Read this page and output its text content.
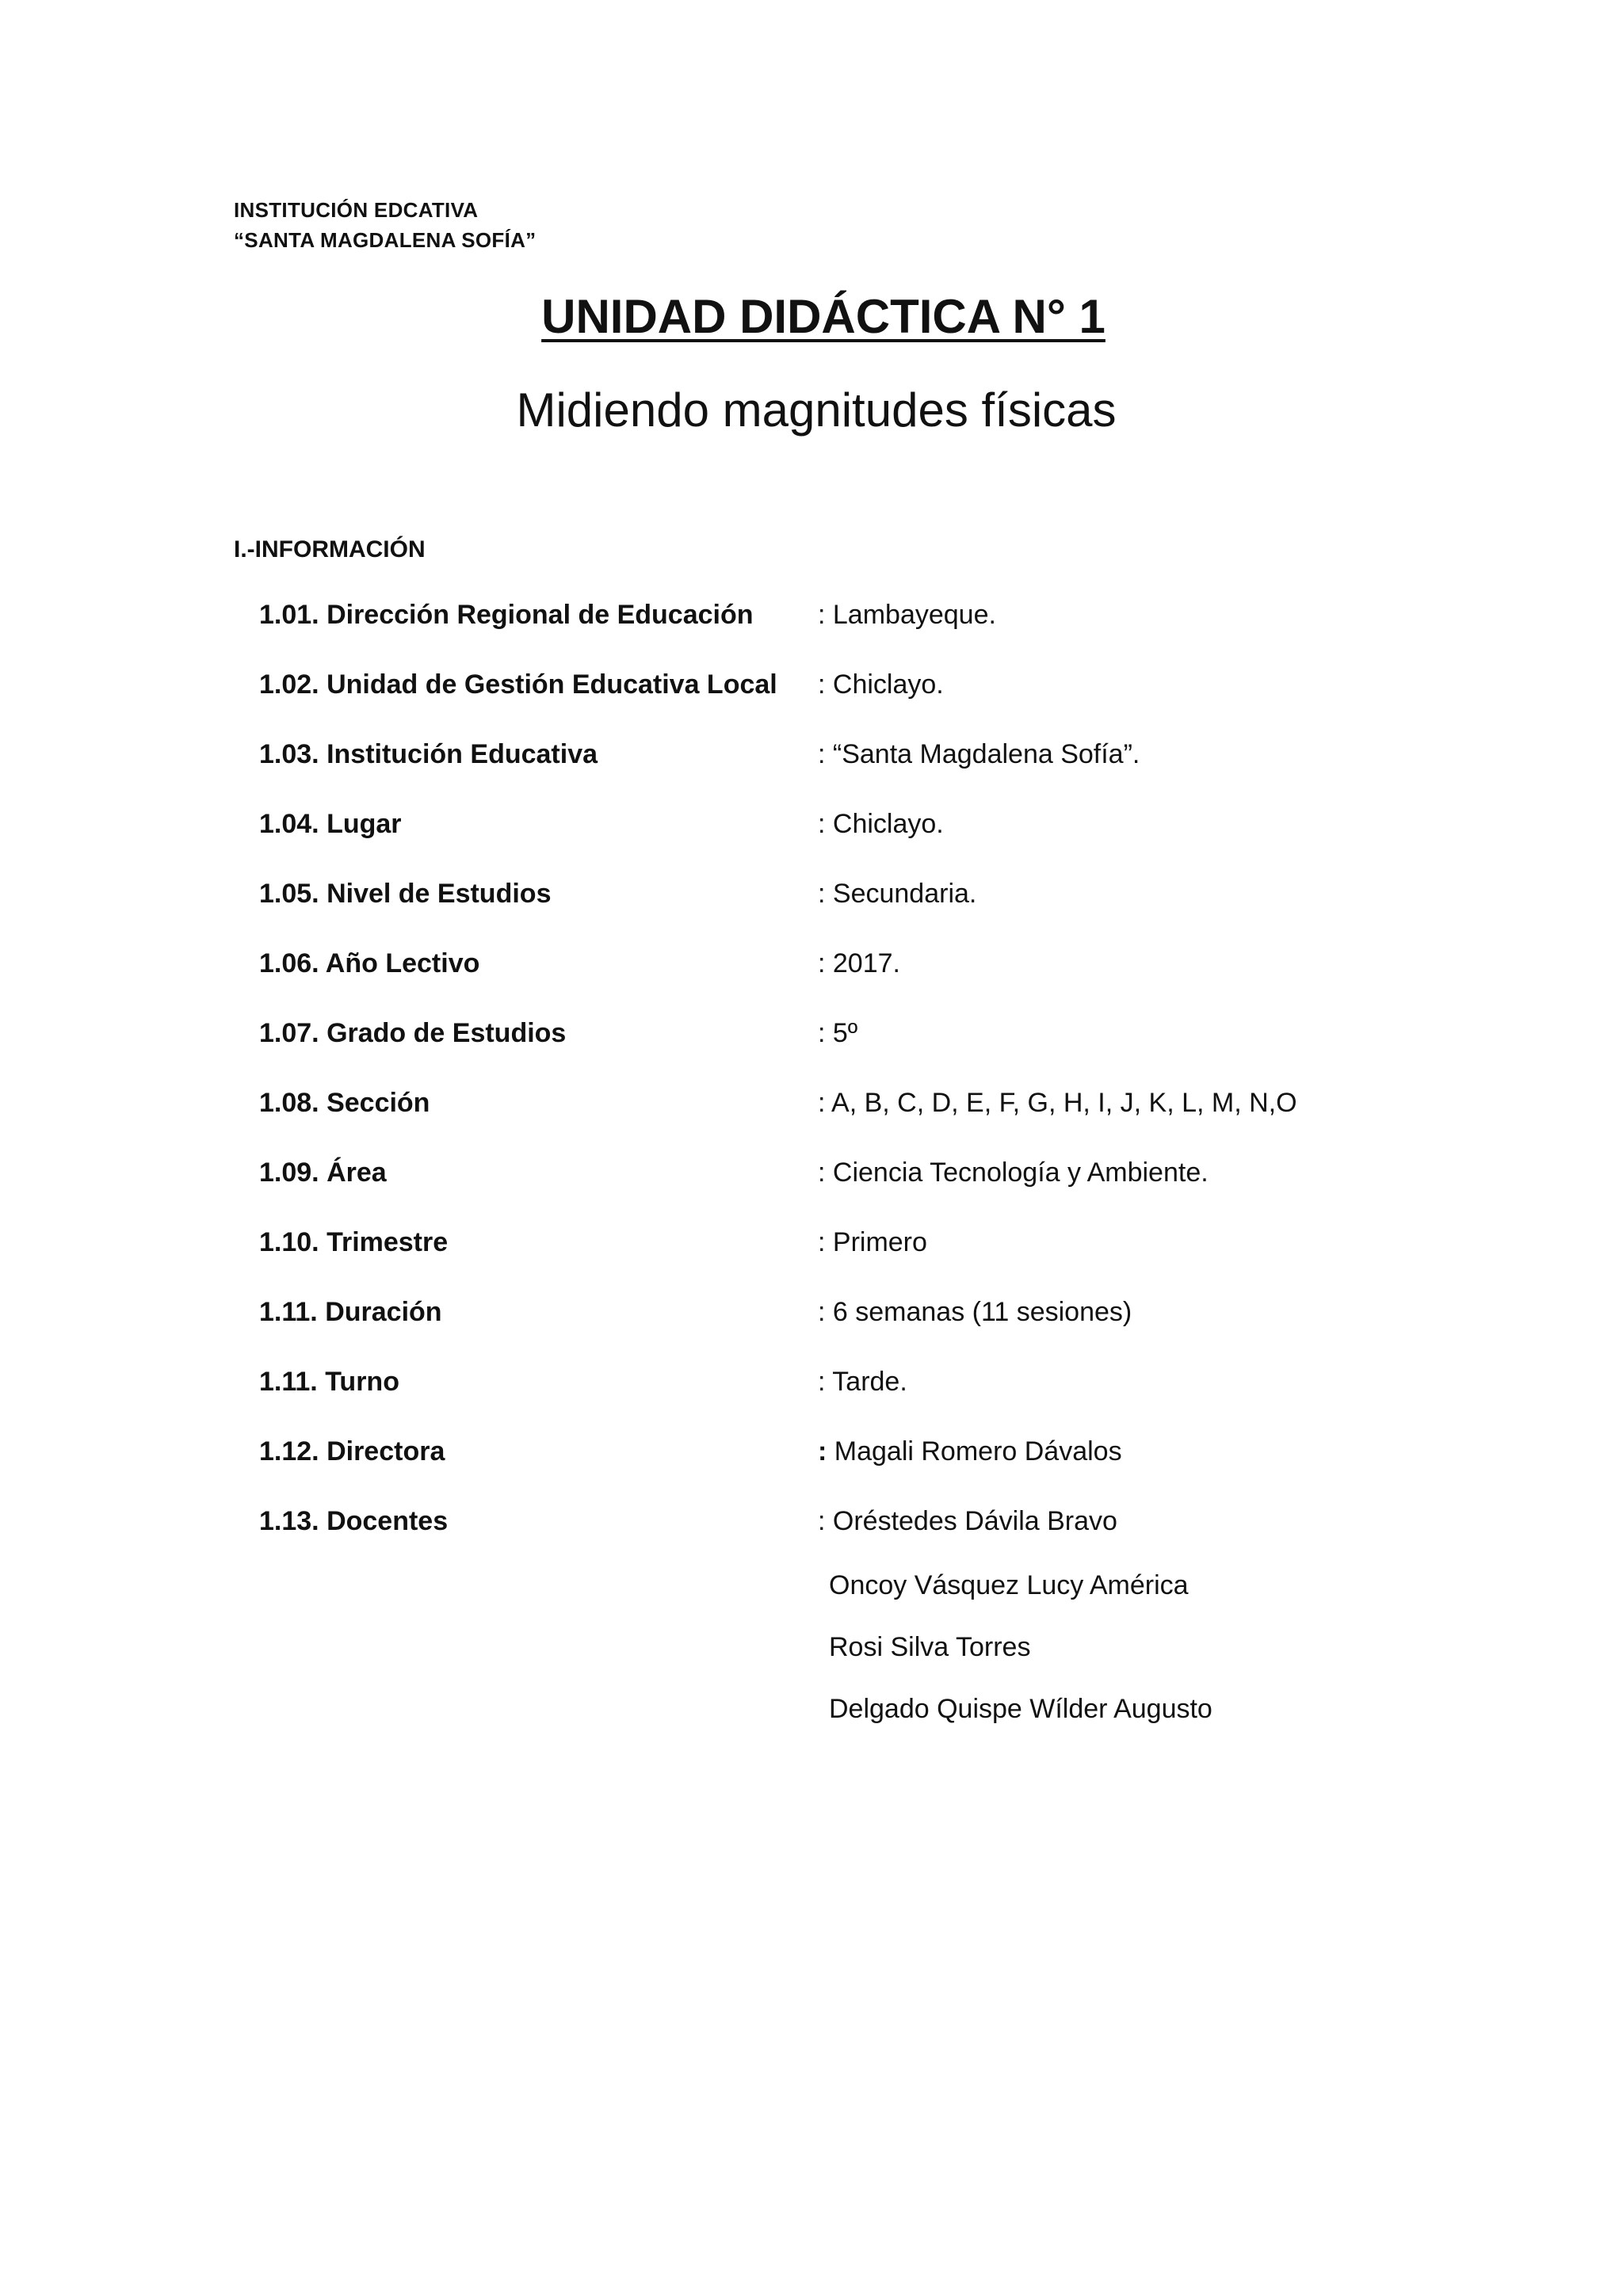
INSTITUCIÓN EDCATIVA
“SANTA MAGDALENA SOFÍA”
UNIDAD DIDÁCTICA N° 1
Midiendo magnitudes físicas
I.-INFORMACIÓN
1.01. Dirección Regional de Educación : Lambayeque.
1.02. Unidad de Gestión Educativa Local : Chiclayo.
1.03. Institución Educativa	: “Santa Magdalena Sofía”.
1.04. Lugar	: Chiclayo.
1.05. Nivel de Estudios	: Secundaria.
1.06. Año Lectivo	: 2017.
1.07. Grado de Estudios	: 5º
1.08. Sección	: A, B, C, D, E, F, G, H, I, J, K, L, M, N,O
1.09. Área	: Ciencia Tecnología y Ambiente.
1.10. Trimestre	: Primero
1.11. Duración	: 6 semanas (11 sesiones)
1.11. Turno	: Tarde.
1.12. Directora	: Magali Romero Dávalos
1.13. Docentes	: Oréstedes Dávila Bravo
Oncoy Vásquez Lucy América
Rosi Silva Torres
Delgado Quispe Wílder Augusto
